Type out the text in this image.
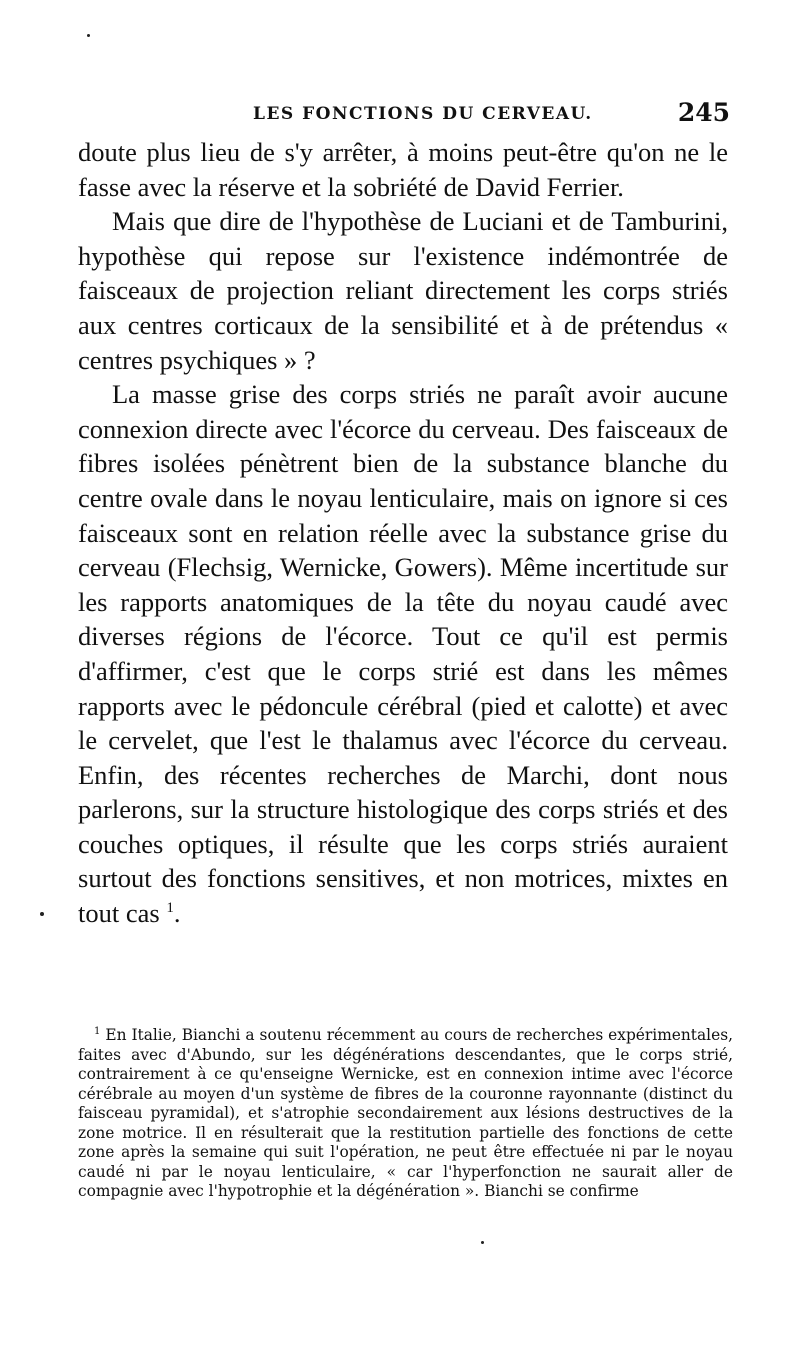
LES FONCTIONS DU CERVEAU.	245

doute plus lieu de s'y arrêter, à moins peut-être qu'on ne le fasse avec la réserve et la sobriété de David Ferrier.

Mais que dire de l'hypothèse de Luciani et de Tamburini, hypothèse qui repose sur l'existence indémontrée de faisceaux de projection reliant directement les corps striés aux centres corticaux de la sensibilité et à de prétendus « centres psychiques » ?

La masse grise des corps striés ne paraît avoir aucune connexion directe avec l'écorce du cerveau. Des faisceaux de fibres isolées pénètrent bien de la substance blanche du centre ovale dans le noyau lenticulaire, mais on ignore si ces faisceaux sont en relation réelle avec la substance grise du cerveau (Flechsig, Wernicke, Gowers). Même incertitude sur les rapports anatomiques de la tête du noyau caudé avec diverses régions de l'écorce. Tout ce qu'il est permis d'affirmer, c'est que le corps strié est dans les mêmes rapports avec le pédoncule cérébral (pied et calotte) et avec le cervelet, que l'est le thalamus avec l'écorce du cerveau. Enfin, des récentes recherches de Marchi, dont nous parlerons, sur la structure histologique des corps striés et des couches optiques, il résulte que les corps striés auraient surtout des fonctions sensitives, et non motrices, mixtes en tout cas $^1$.

$^1$ En Italie, Bianchi a soutenu récemment au cours de recherches expérimentales, faites avec d'Abundo, sur les dégénérations descendantes, que le corps strié, contrairement à ce qu'enseigne Wernicke, est en connexion intime avec l'écorce cérébrale au moyen d'un système de fibres de la couronne rayonnante (distinct du faisceau pyramidal), et s'atrophie secondairement aux lésions destructives de la zone motrice. Il en résulterait que la restitution partielle des fonctions de cette zone après la semaine qui suit l'opération, ne peut être effectuée ni par le noyau caudé ni par le noyau lenticulaire, « car l'hyperfonction ne saurait aller de compagnie avec l'hypotrophie et la dégénération ». Bianchi se confirme
